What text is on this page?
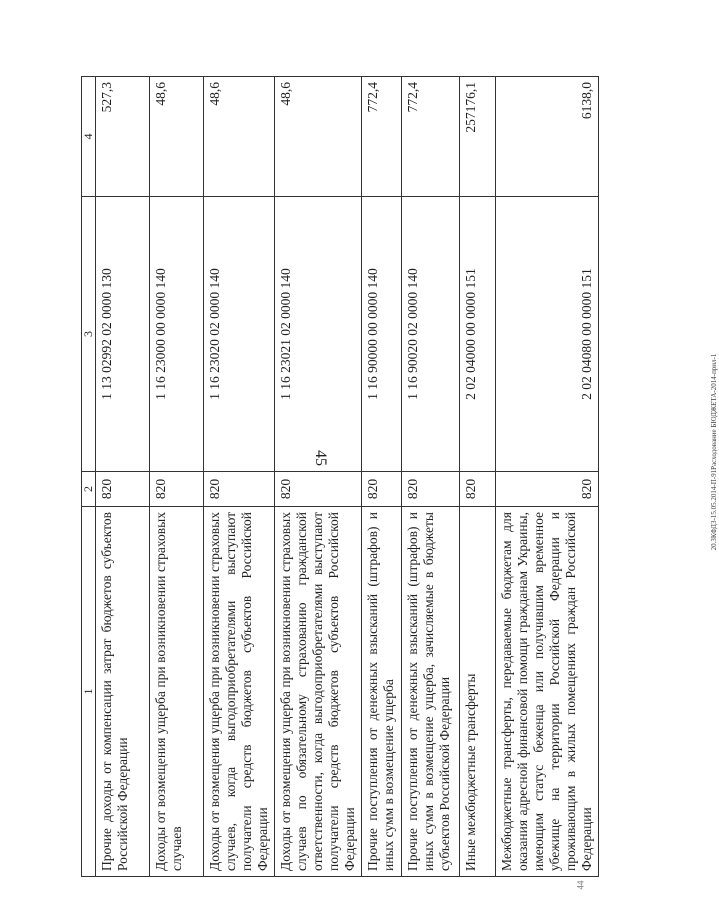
45	20.ЗКФДЗ-15.05.2014-П-91Расходование БЮДЖЕТА-2014-прил-1
44
1	2	3	4
Прочие доходы от компенсации затрат бюджетов субъектов Российской Федерации	820	1 13 02992 02 0000 130	527,3
Доходы от возмещения ущерба при возникновении страховых случаев	820	1 16 23000 00 0000 140	48,6
Доходы от возмещения ущерба при возникновении страховых случаев, когда выгодоприобретателями выступают получатели средств бюджетов субъектов Российской Федерации	820	1 16 23020 02 0000 140	48,6
Доходы от возмещения ущерба при возникновении страховых случаев по обязательному страхованию гражданской ответственности, когда выгодоприобретателями выступают получатели средств бюджетов субъектов Российской Федерации	820	1 16 23021 02 0000 140	48,6
Прочие поступления от денежных взысканий (штрафов) и иных сумм в возмещение ущерба	820	1 16 90000 00 0000 140	772,4
Прочие поступления от денежных взысканий (штрафов) и иных сумм в возмещение ущерба, зачисляемые в бюджеты субъектов Российской Федерации	820	1 16 90020 02 0000 140	772,4
Иные межбюджетные трансферты	820	2 02 04000 00 0000 151	257176,1
Межбюджетные трансферты, передаваемые бюджетам для оказания адресной финансовой помощи гражданам Украины, имеющим статус беженца или получившим временное убежище на территории Российской Федерации и проживающим в жилых помещениях граждан Российской Федерации	820	2 02 04080 00 0000 151	6138,0
